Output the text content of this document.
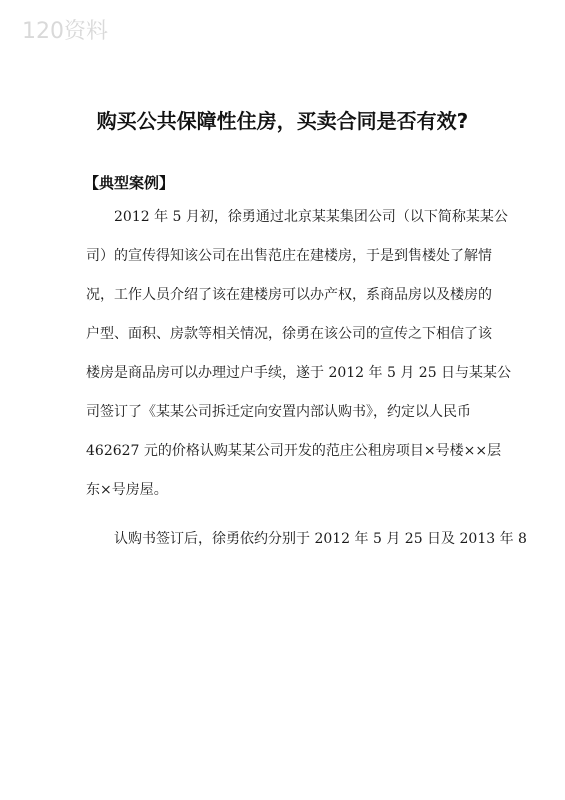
120资料
购买公共保障性住房，买卖合同是否有效?
【典型案例】
2012 年 5 月初，徐勇通过北京某某集团公司（以下简称某某公
司）的宣传得知该公司在出售范庄在建楼房，于是到售楼处了解情
况，工作人员介绍了该在建楼房可以办产权，系商品房以及楼房的
户型、面积、房款等相关情况，徐勇在该公司的宣传之下相信了该
楼房是商品房可以办理过户手续，遂于 2012 年 5 月 25 日与某某公
司签订了《某某公司拆迁定向安置内部认购书》，约定以人民币
462627 元的价格认购某某公司开发的范庄公租房项目×号楼××层
东×号房屋。
认购书签订后，徐勇依约分别于 2012 年 5 月 25 日及 2013 年 8
